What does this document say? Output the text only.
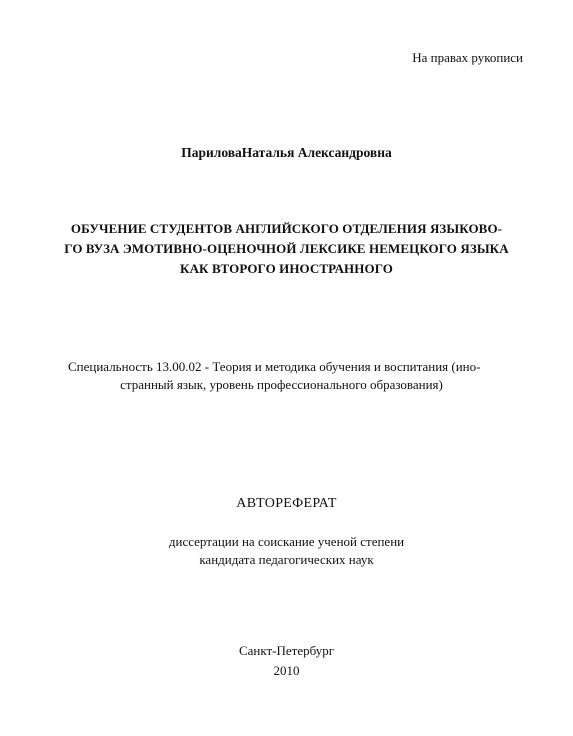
На правах рукописи
ПариловаНаталья Александровна
ОБУЧЕНИЕ СТУДЕНТОВ АНГЛИЙСКОГО ОТДЕЛЕНИЯ ЯЗЫКОВО-
ГО ВУЗА ЭМОТИВНО-ОЦЕНОЧНОЙ ЛЕКСИКЕ НЕМЕЦКОГО ЯЗЫКА
КАК ВТОРОГО ИНОСТРАННОГО
Специальность 13.00.02 - Теория и методика обучения и воспитания (ино-
странный язык, уровень профессионального образования)
АВТОРЕФЕРАТ
диссертации на соискание ученой степени
кандидата педагогических наук
Санкт-Петербург
2010
